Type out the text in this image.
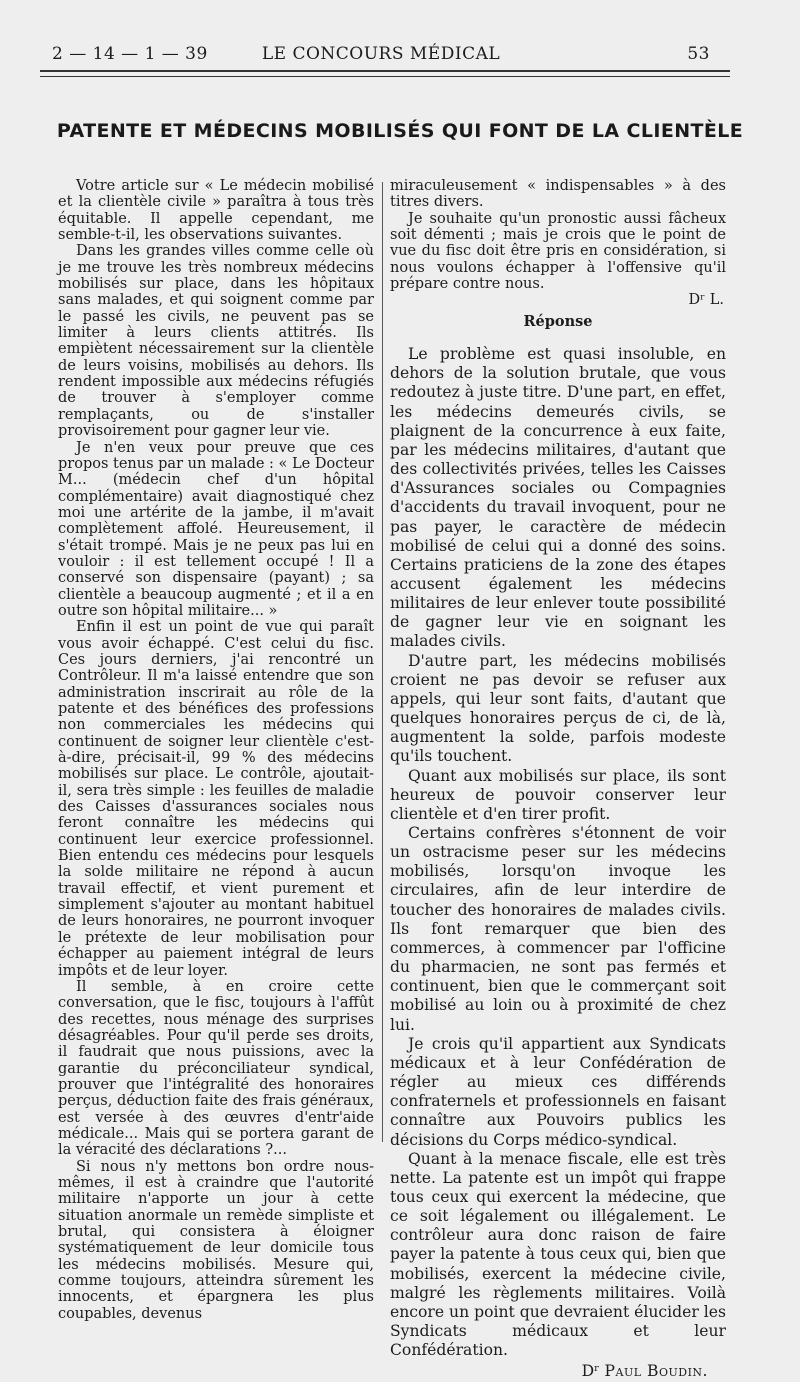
2 — 14 — 1 — 39	LE CONCOURS MÉDICAL	53
PATENTE ET MÉDECINS MOBILISÉS QUI FONT DE LA CLIENTÈLE

Votre article sur « Le médecin mobilisé et la clientèle civile » paraîtra à tous très équitable. Il appelle cependant, me semble-t-il, les observations suivantes.

Dans les grandes villes comme celle où je me trouve les très nombreux médecins mobilisés sur place, dans les hôpitaux sans malades, et qui soignent comme par le passé les civils, ne peuvent pas se limiter à leurs clients attitrés. Ils empiètent nécessairement sur la clientèle de leurs voisins, mobilisés au dehors. Ils rendent impossible aux médecins réfugiés de trouver à s'employer comme remplaçants, ou de s'installer provisoirement pour gagner leur vie.

Je n'en veux pour preuve que ces propos tenus par un malade : « Le Docteur M... (médecin chef d'un hôpital complémentaire) avait diagnostiqué chez moi une artérite de la jambe, il m'avait complètement affolé. Heureusement, il s'était trompé. Mais je ne peux pas lui en vouloir : il est tellement occupé ! Il a conservé son dispensaire (payant) ; sa clientèle a beaucoup augmenté ; et il a en outre son hôpital militaire... »

Enfin il est un point de vue qui paraît vous avoir échappé. C'est celui du fisc. Ces jours derniers, j'ai rencontré un Contrôleur. Il m'a laissé entendre que son administration inscrirait au rôle de la patente et des bénéfices des professions non commerciales les médecins qui continuent de soigner leur clientèle c'est-à-dire, précisait-il, 99 % des médecins mobilisés sur place. Le contrôle, ajoutait-il, sera très simple : les feuilles de maladie des Caisses d'assurances sociales nous feront connaître les médecins qui continuent leur exercice professionnel. Bien entendu ces médecins pour lesquels la solde militaire ne répond à aucun travail effectif, et vient purement et simplement s'ajouter au montant habituel de leurs honoraires, ne pourront invoquer le prétexte de leur mobilisation pour échapper au paiement intégral de leurs impôts et de leur loyer.

Il semble, à en croire cette conversation, que le fisc, toujours à l'affût des recettes, nous ménage des surprises désagréables. Pour qu'il perde ses droits, il faudrait que nous puissions, avec la garantie du préconciliateur syndical, prouver que l'intégralité des honoraires perçus, déduction faite des frais généraux, est versée à des œuvres d'entr'aide médicale... Mais qui se portera garant de la véracité des déclarations ?...

Si nous n'y mettons bon ordre nous-mêmes, il est à craindre que l'autorité militaire n'apporte un jour à cette situation anormale un remède simpliste et brutal, qui consistera à éloigner systématiquement de leur domicile tous les médecins mobilisés. Mesure qui, comme toujours, atteindra sûrement les innocents, et épargnera les plus coupables, devenus

miraculeusement « indispensables » à des titres divers.

Je souhaite qu'un pronostic aussi fâcheux soit démenti ; mais je crois que le point de vue du fisc doit être pris en considération, si nous voulons échapper à l'offensive qu'il prépare contre nous.

Dʳ L.

Réponse

Le problème est quasi insoluble, en dehors de la solution brutale, que vous redoutez à juste titre. D'une part, en effet, les médecins demeurés civils, se plaignent de la concurrence à eux faite, par les médecins militaires, d'autant que des collectivités privées, telles les Caisses d'Assurances sociales ou Compagnies d'accidents du travail invoquent, pour ne pas payer, le caractère de médecin mobilisé de celui qui a donné des soins. Certains praticiens de la zone des étapes accusent également les médecins militaires de leur enlever toute possibilité de gagner leur vie en soignant les malades civils.

D'autre part, les médecins mobilisés croient ne pas devoir se refuser aux appels, qui leur sont faits, d'autant que quelques honoraires perçus de ci, de là, augmentent la solde, parfois modeste qu'ils touchent.

Quant aux mobilisés sur place, ils sont heureux de pouvoir conserver leur clientèle et d'en tirer profit.

Certains confrères s'étonnent de voir un ostracisme peser sur les médecins mobilisés, lorsqu'on invoque les circulaires, afin de leur interdire de toucher des honoraires de malades civils. Ils font remarquer que bien des commerces, à commencer par l'officine du pharmacien, ne sont pas fermés et continuent, bien que le commerçant soit mobilisé au loin ou à proximité de chez lui.

Je crois qu'il appartient aux Syndicats médicaux et à leur Confédération de régler au mieux ces différends confraternels et professionnels en faisant connaître aux Pouvoirs publics les décisions du Corps médico-syndical.

Quant à la menace fiscale, elle est très nette. La patente est un impôt qui frappe tous ceux qui exercent la médecine, que ce soit légalement ou illégalement. Le contrôleur aura donc raison de faire payer la patente à tous ceux qui, bien que mobilisés, exercent la médecine civile, malgré les règlements militaires. Voilà encore un point que devraient élucider les Syndicats médicaux et leur Confédération.

Dʳ Paul Boudin.
